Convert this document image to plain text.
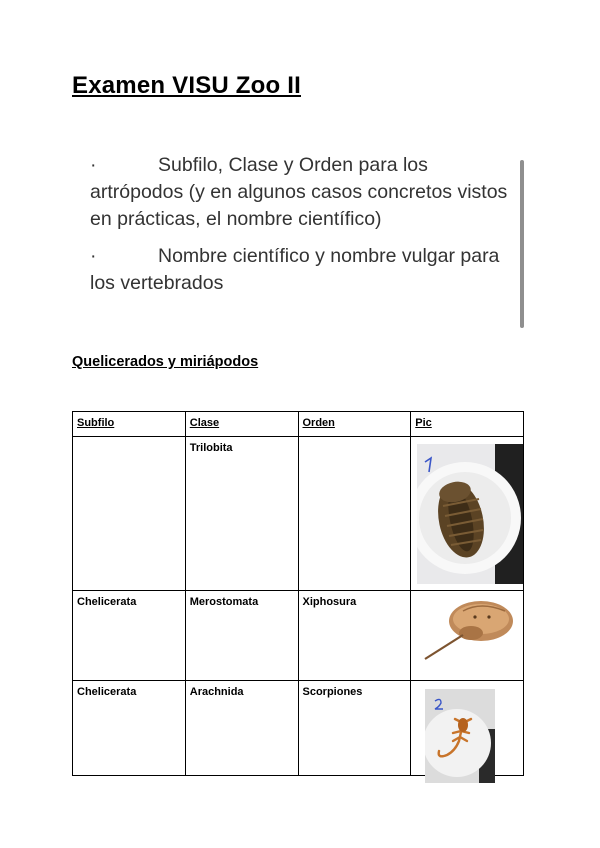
Examen VISU Zoo II

·	Subfilo, Clase y Orden para los artrópodos (y en algunos casos concretos vistos en prácticas, el nombre científico)

·	Nombre científico y nombre vulgar para los vertebrados

Quelicerados y miriápodos
Subfilo	Clase	Orden	Pic
	Trilobita		

Chelicerata	Merostomata	Xiphosura	

Chelicerata	Arachnida	Scorpiones	
